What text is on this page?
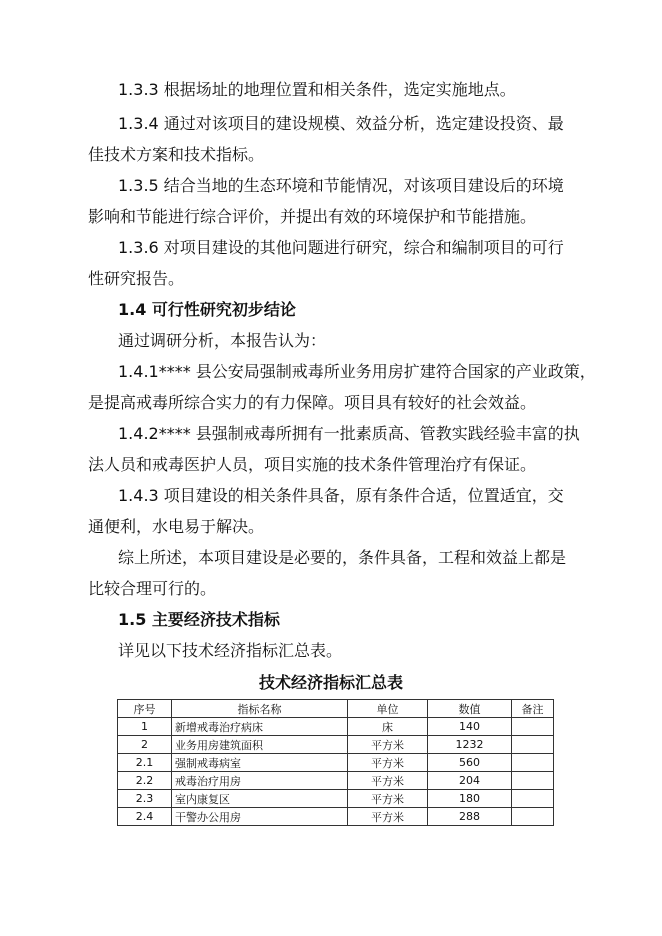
1.3.3 根据场址的地理位置和相关条件，选定实施地点。
1.3.4 通过对该项目的建设规模、效益分析，选定建设投资、最
佳技术方案和技术指标。
1.3.5 结合当地的生态环境和节能情况，对该项目建设后的环境
影响和节能进行综合评价，并提出有效的环境保护和节能措施。
1.3.6 对项目建设的其他问题进行研究，综合和编制项目的可行
性研究报告。
1.4 可行性研究初步结论
通过调研分析，本报告认为：
1.4.1**** 县公安局强制戒毒所业务用房扩建符合国家的产业政策，
是提高戒毒所综合实力的有力保障。项目具有较好的社会效益。
1.4.2**** 县强制戒毒所拥有一批素质高、管教实践经验丰富的执
法人员和戒毒医护人员，项目实施的技术条件管理治疗有保证。
1.4.3 项目建设的相关条件具备，原有条件合适，位置适宜，交
通便利，水电易于解决。
综上所述，本项目建设是必要的，条件具备，工程和效益上都是
比较合理可行的。
1.5 主要经济技术指标
详见以下技术经济指标汇总表。
技术经济指标汇总表
序号	指标名称	单位	数值	备注
1	新增戒毒治疗病床	床	140	
2	业务用房建筑面积	平方米	1232	
2.1	强制戒毒病室	平方米	560	
2.2	戒毒治疗用房	平方米	204	
2.3	室内康复区	平方米	180	
2.4	干警办公用房	平方米	288	
